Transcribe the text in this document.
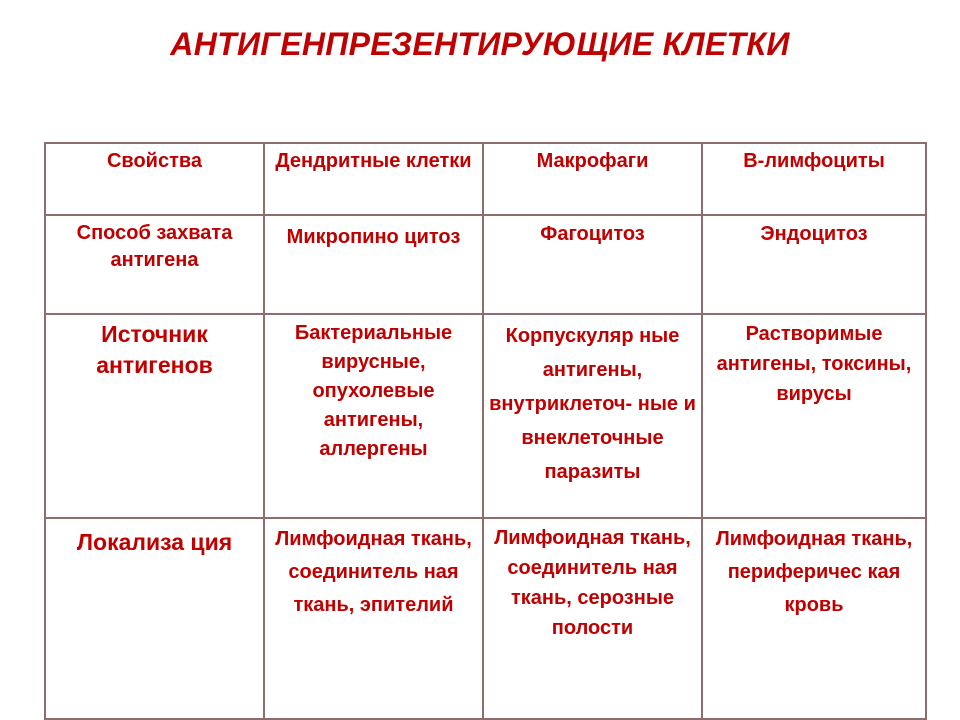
АНТИГЕНПРЕЗЕНТИРУЮЩИЕ КЛЕТКИ
Свойства	Дендритные клетки	Макрофаги	В-лимфоциты
Способ захвата антигена	Микропино цитоз	Фагоцитоз	Эндоцитоз
Источник антигенов	Бактериальные вирусные, опухолевые антигены, аллергены	Корпускуляр ные антигены, внутриклеточ- ные и внеклеточные паразиты	Растворимые антигены, токсины, вирусы
Локализа ция	Лимфоидная ткань, соединитель ная ткань, эпителий	Лимфоидная ткань, соединитель ная ткань, серозные полости	Лимфоидная ткань, периферичес кая кровь
